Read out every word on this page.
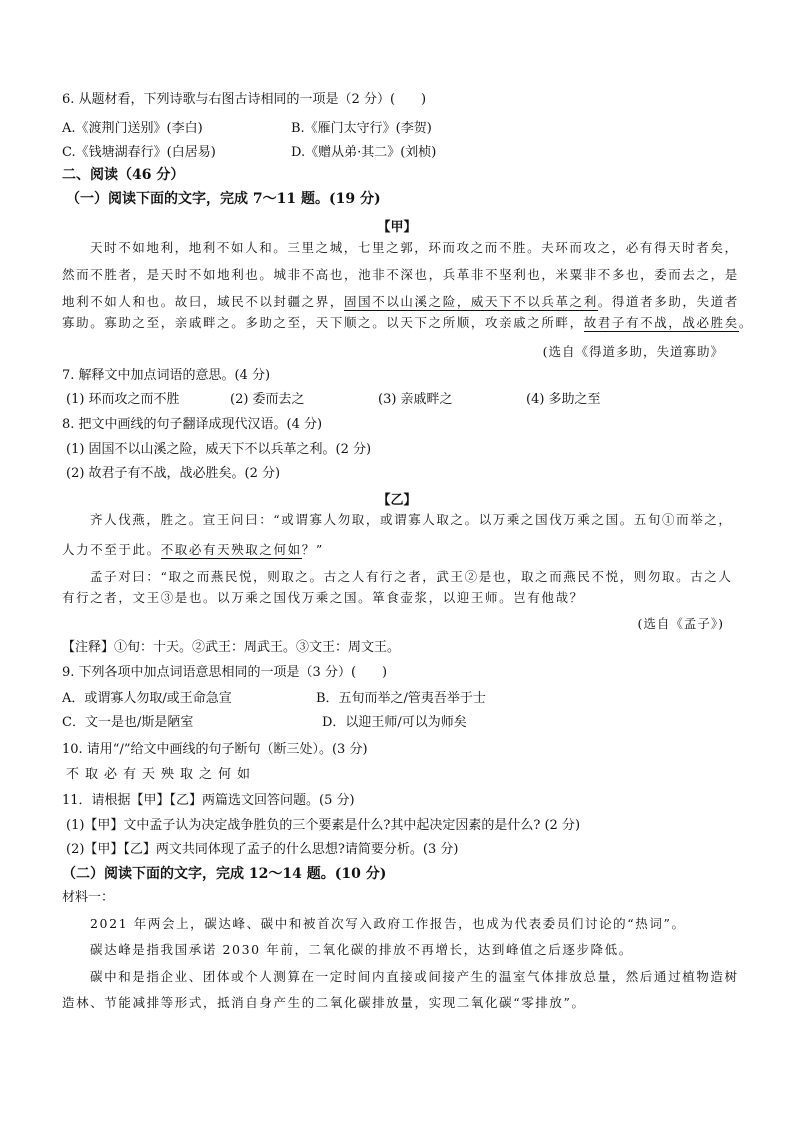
6. 从题材看，下列诗歌与右图古诗相同的一项是（2 分）(　　)
A.《渡荆门送别》(李白)	B.《雁门太守行》(李贺)
C.《钱塘湖春行》(白居易)	D.《赠从弟·其二》(刘桢)
二、阅读（46 分）
（一）阅读下面的文字，完成 7～11 题。(19 分)
【甲】
天时不如地利，地利不如人和。三里之城，七里之郭，环而攻之而不胜。夫环而攻之，必有得天时者矣，
然而不胜者，是天时不如地利也。城非不高也，池非不深也，兵革非不坚利也，米粟非不多也，委而去之，是
地利不如人和也。故曰，域民不以封疆之界，固国不以山溪之险，威天下不以兵革之利。得道者多助，失道者
寡助。寡助之至，亲戚畔之。多助之至，天下顺之。以天下之所顺，攻亲戚之所畔，故君子有不战，战必胜矣。
(选自《得道多助，失道寡助》
7. 解释文中加点词语的意思。(4 分)
(1) 环而攻之而不胜	(2) 委而去之	(3) 亲戚畔之	(4) 多助之至
8. 把文中画线的句子翻译成现代汉语。(4 分)
(1) 固国不以山溪之险，威天下不以兵革之利。(2 分)
(2) 故君子有不战，战必胜矣。(2 分)
【乙】
齐人伐燕，胜之。宣王问曰：“或谓寡人勿取，或谓寡人取之。以万乘之国伐万乘之国。五旬①而举之，
人力不至于此。不取必有天殃取之何如？”
孟子对曰：“取之而燕民悦，则取之。古之人有行之者，武王②是也，取之而燕民不悦，则勿取。古之人
有行之者，文王③是也。以万乘之国伐万乘之国。箪食壶浆，以迎王师。岂有他哉？
(选自《孟子》)
【注释】①旬：十天。②武王：周武王。③文王：周文王。
9. 下列各项中加点词语意思相同的一项是（3 分）(　　)
A．或谓寡人勿取/或王命急宣	B．五旬而举之/管夷吾举于士
C．文一是也/斯是陋室	D．以迎王师/可以为师矣
10. 请用“/”给文中画线的句子断句（断三处）。(3 分)
不取必有天殃取之何如
11．请根据【甲】【乙】两篇选文回答问题。(5 分)
(1)【甲】文中孟子认为决定战争胜负的三个要素是什么?其中起决定因素的是什么? (2 分)
(2)【甲】【乙】两文共同体现了孟子的什么思想?请简要分析。(3 分)
（二）阅读下面的文字，完成 12～14 题。(10 分)
材料一：
2021 年两会上，碳达峰、碳中和被首次写入政府工作报告，也成为代表委员们讨论的“热词”。
碳达峰是指我国承诺 2030 年前，二氧化碳的排放不再增长，达到峰值之后逐步降低。
碳中和是指企业、团体或个人测算在一定时间内直接或间接产生的温室气体排放总量，然后通过植物造树
造林、节能减排等形式，抵消自身产生的二氧化碳排放量，实现二氧化碳“零排放”。
